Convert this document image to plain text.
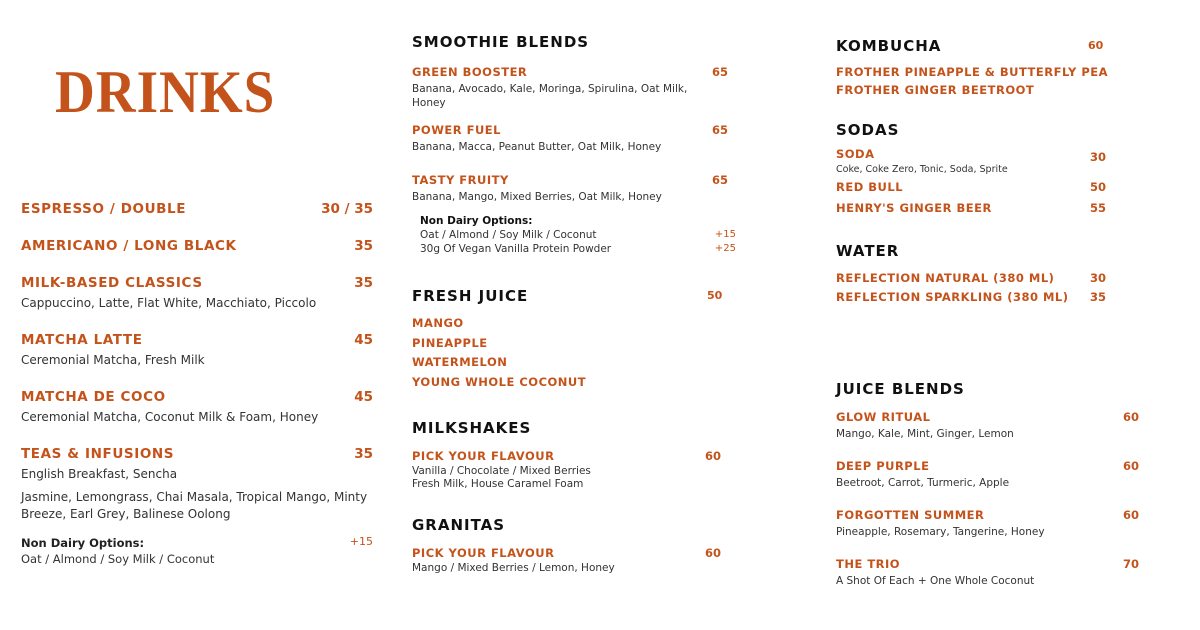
DRINKS
ESPRESSO / DOUBLE	30 / 35
AMERICANO / LONG BLACK	35
MILK-BASED CLASSICS	35
Cappuccino, Latte, Flat White, Macchiato, Piccolo
MATCHA LATTE	45
Ceremonial Matcha, Fresh Milk
MATCHA DE COCO	45
Ceremonial Matcha, Coconut Milk & Foam, Honey
TEAS & INFUSIONS	35
English Breakfast, Sencha
Jasmine, Lemongrass, Chai Masala, Tropical Mango, Minty Breeze, Earl Grey, Balinese Oolong
Non Dairy Options:
Oat / Almond / Soy Milk / Coconut
+15
SMOOTHIE BLENDS
GREEN BOOSTER	65
Banana, Avocado, Kale, Moringa, Spirulina, Oat Milk, Honey
POWER FUEL	65
Banana, Macca, Peanut Butter, Oat Milk, Honey
TASTY FRUITY	65
Banana, Mango, Mixed Berries, Oat Milk, Honey
Non Dairy Options:
Oat / Almond / Soy Milk / Coconut	+15
30g Of Vegan Vanilla Protein Powder	+25
FRESH JUICE	50
MANGO
PINEAPPLE
WATERMELON
YOUNG WHOLE COCONUT
MILKSHAKES
PICK YOUR FLAVOUR	60
Vanilla / Chocolate / Mixed Berries
Fresh Milk, House Caramel Foam
GRANITAS
PICK YOUR FLAVOUR	60
Mango / Mixed Berries / Lemon, Honey
KOMBUCHA	60
FROTHER PINEAPPLE & BUTTERFLY PEA
FROTHER GINGER BEETROOT
SODAS
SODA	30
Coke, Coke Zero, Tonic, Soda, Sprite
RED BULL	50
HENRY'S GINGER BEER	55
WATER
REFLECTION NATURAL (380 ML)	30
REFLECTION SPARKLING (380 ML)	35
JUICE BLENDS
GLOW RITUAL	60
Mango, Kale, Mint, Ginger, Lemon
DEEP PURPLE	60
Beetroot, Carrot, Turmeric, Apple
FORGOTTEN SUMMER	60
Pineapple, Rosemary, Tangerine, Honey
THE TRIO	70
A Shot Of Each + One Whole Coconut
